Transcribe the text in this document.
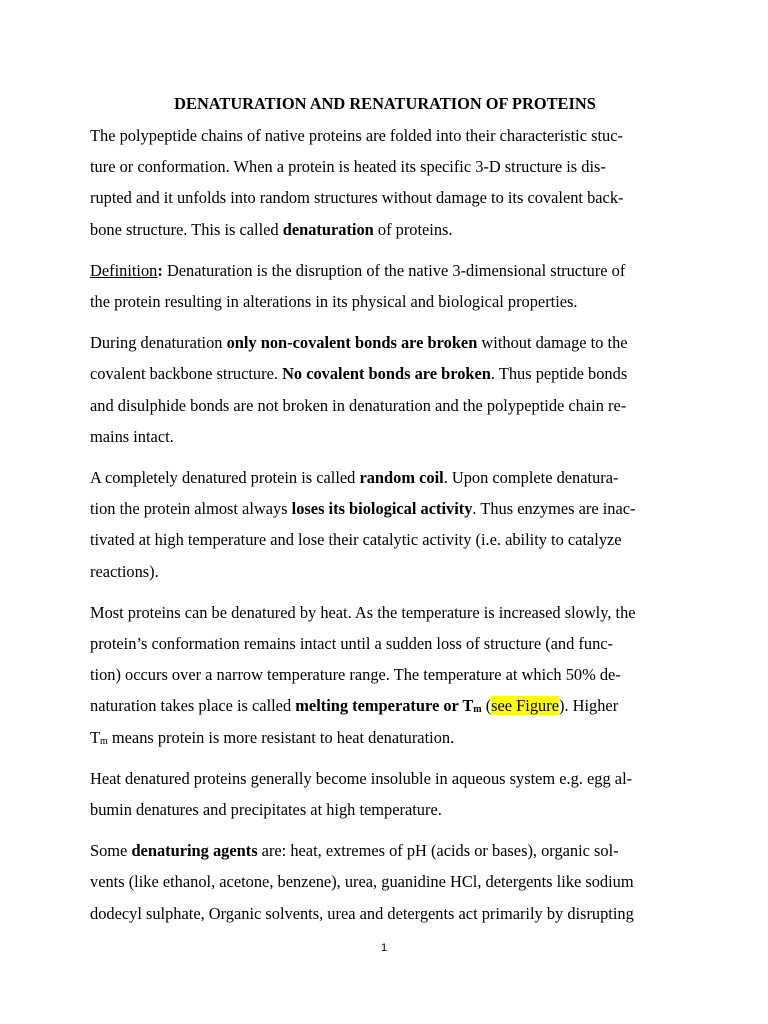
DENATURATION AND RENATURATION OF PROTEINS
The polypeptide chains of native proteins are folded into their characteristic stuc-
ture or conformation. When a protein is heated its specific 3-D structure is dis-
rupted and it unfolds into random structures without damage to its covalent back-
bone structure. This is called denaturation of proteins.
Definition: Denaturation is the disruption of the native 3-dimensional structure of
the protein resulting in alterations in its physical and biological properties.
During denaturation only non-covalent bonds are broken without damage to the
covalent backbone structure. No covalent bonds are broken. Thus peptide bonds
and disulphide bonds are not broken in denaturation and the polypeptide chain re-
mains intact.
A completely denatured protein is called random coil. Upon complete denatura-
tion the protein almost always loses its biological activity. Thus enzymes are inac-
tivated at high temperature and lose their catalytic activity (i.e. ability to catalyze
reactions).
Most proteins can be denatured by heat. As the temperature is increased slowly, the
protein’s conformation remains intact until a sudden loss of structure (and func-
tion) occurs over a narrow temperature range. The temperature at which 50% de-
naturation takes place is called melting temperature or $T_m$ (see Figure). Higher
$T_m$ means protein is more resistant to heat denaturation.
Heat denatured proteins generally become insoluble in aqueous system e.g. egg al-
bumin denatures and precipitates at high temperature.
Some denaturing agents are: heat, extremes of pH (acids or bases), organic sol-
vents (like ethanol, acetone, benzene), urea, guanidine HCl, detergents like sodium
dodecyl sulphate, Organic solvents, urea and detergents act primarily by disrupting
1
